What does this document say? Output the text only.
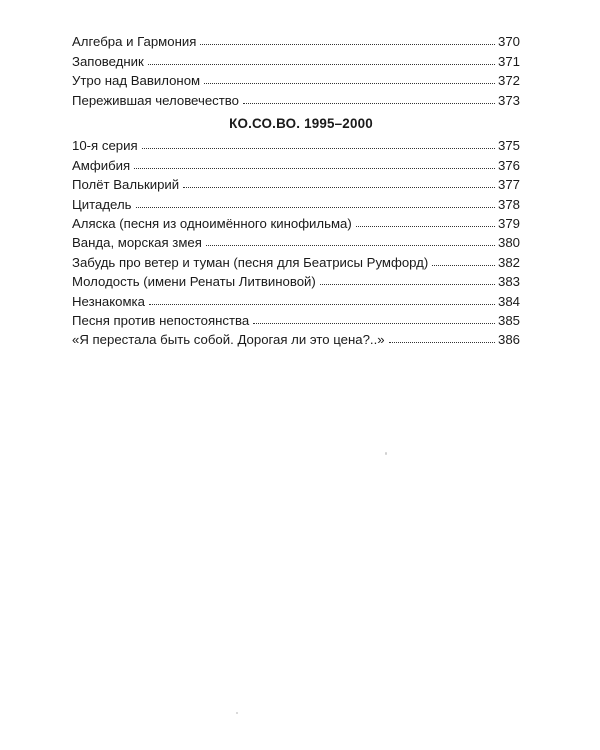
Алгебра и Гармония	370
Заповедник	371
Утро над Вавилоном	372
Пережившая человечество	373
КО.СО.ВО. 1995–2000
10-я серия	375
Амфибия	376
Полёт Валькирий	377
Цитадель	378
Аляска (песня из одноимённого кинофильма)	379
Ванда, морская змея	380
Забудь про ветер и туман (песня для Беатрисы Румфорд)	382
Молодость (имени Ренаты Литвиновой)	383
Незнакомка	384
Песня против непостоянства	385
«Я перестала быть собой. Дорогая ли это цена?..»	386
